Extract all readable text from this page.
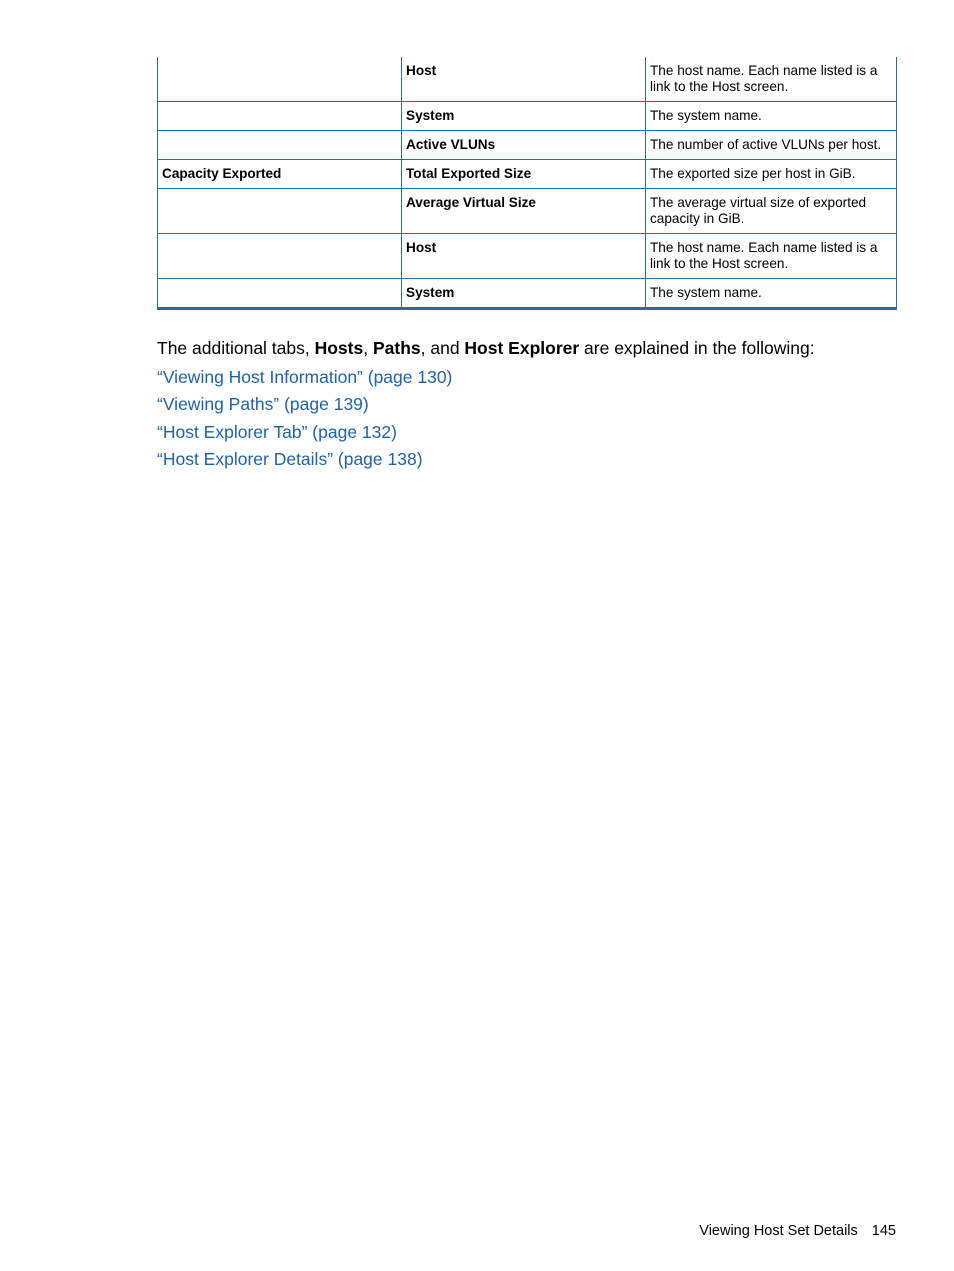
	Host	The host name. Each name listed is a link to the Host screen.
	System	The system name.
	Active VLUNs	The number of active VLUNs per host.
Capacity Exported	Total Exported Size	The exported size per host in GiB.
	Average Virtual Size	The average virtual size of exported capacity in GiB.
	Host	The host name. Each name listed is a link to the Host screen.
	System	The system name.

The additional tabs, Hosts, Paths, and Host Explorer are explained in the following:

“Viewing Host Information” (page 130)
“Viewing Paths” (page 139)
“Host Explorer Tab” (page 132)
“Host Explorer Details” (page 138)
Viewing Host Set Details 145
